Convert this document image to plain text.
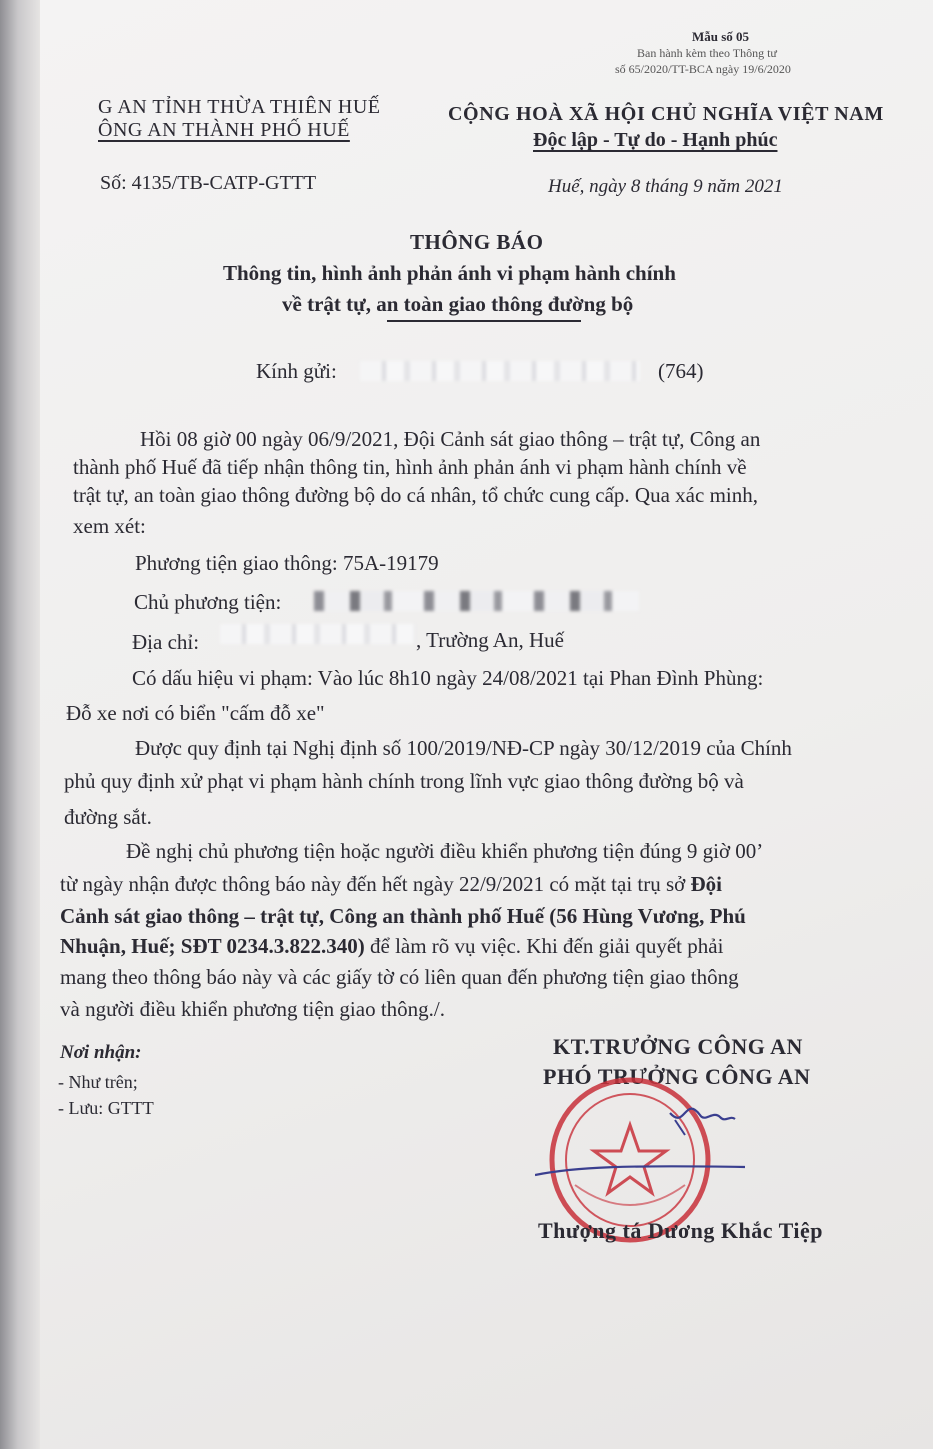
Mẫu số 05
Ban hành kèm theo Thông tư
số 65/2020/TT-BCA ngày 19/6/2020
G AN TỈNH THỪA THIÊN HUẾ
ÔNG AN THÀNH PHỐ HUẾ
Số: 4135/TB-CATP-GTTT
CỘNG HOÀ XÃ HỘI CHỦ NGHĨA VIỆT NAM
Độc lập - Tự do - Hạnh phúc
Huế, ngày 8 tháng 9 năm 2021
THÔNG BÁO
Thông tin, hình ảnh phản ánh vi phạm hành chính
về trật tự, an toàn giao thông đường bộ
Kính gửi:	(764)
Hồi 08 giờ 00 ngày 06/9/2021, Đội Cảnh sát giao thông – trật tự, Công an
thành phố Huế đã tiếp nhận thông tin, hình ảnh phản ánh vi phạm hành chính về
trật tự, an toàn giao thông đường bộ do cá nhân, tổ chức cung cấp. Qua xác minh,
xem xét:
Phương tiện giao thông: 75A-19179
Chủ phương tiện:
Địa chỉ:	, Trường An, Huế
Có dấu hiệu vi phạm: Vào lúc 8h10 ngày 24/08/2021 tại Phan Đình Phùng:
Đỗ xe nơi có biển "cấm đỗ xe"
Được quy định tại Nghị định số 100/2019/NĐ-CP ngày 30/12/2019 của Chính
phủ quy định xử phạt vi phạm hành chính trong lĩnh vực giao thông đường bộ và
đường sắt.
Đề nghị chủ phương tiện hoặc người điều khiển phương tiện đúng 9 giờ 00’
từ ngày nhận được thông báo này đến hết ngày 22/9/2021 có mặt tại trụ sở Đội
Cảnh sát giao thông – trật tự, Công an thành phố Huế (56 Hùng Vương, Phú
Nhuận, Huế; SĐT 0234.3.822.340) để làm rõ vụ việc. Khi đến giải quyết phải
mang theo thông báo này và các giấy tờ có liên quan đến phương tiện giao thông
và người điều khiển phương tiện giao thông./.
Nơi nhận:
- Như trên;
- Lưu: GTTT
KT.TRƯỞNG CÔNG AN
PHÓ TRƯỞNG CÔNG AN
Thượng tá Dương Khắc Tiệp
